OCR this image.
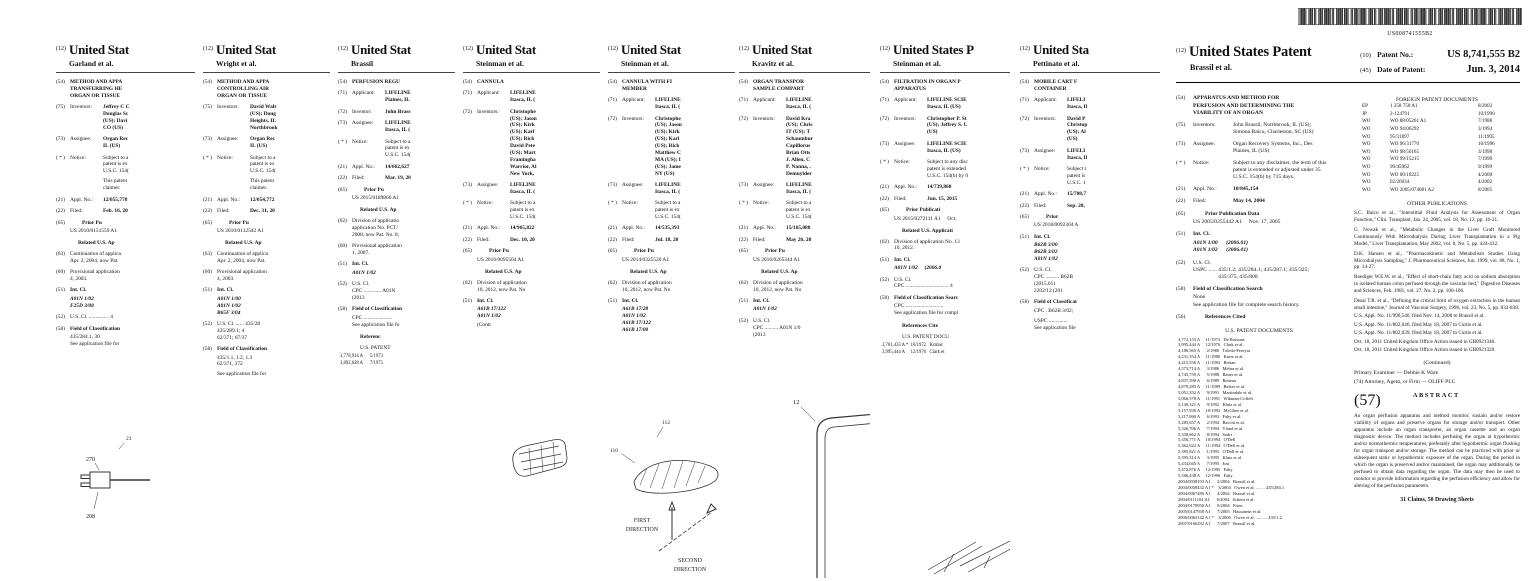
(12) United Stat
Garland et al.
(54) METHOD AND APPA
TRANSFERRING HE
ORGAN OR TISSUE
(75) Inventors:	Jeffrey C C
Douglas Sc
(US); Davi
CO (US)
(73) Assignee:	Organ Rec
IL (US)
( * ) Notice:	Subject to a
patent is ex
U.S.C. 154(
This patent
claimer.
(21) Appl. No.:	12/055,778
(22) Filed:	Feb. 16, 20
(65)	Prior Pu
US 2010/0151559 A1
Related U.S. Ap
(63) Continuation of applica
Apr. 2, 2004, now Pat.
(60) Provisional application
4, 2003.
(51) Int. Cl.
A01N 1/02
F25D 3/08
(52) U.S. Cl. ............... 4
(58) Field of Classification
435/284.1, 30
See application file for
23
270
208
(12) United Stat
Wright et al.
(54) METHOD AND APPA
CONTROLLING AIR
ORGAN OR TISSUE
(75) Inventors:	David Walt
(US); Doug
Heights, IL
Northbrook
(73) Assignee:	Organ Rec
IL (US)
( * ) Notice:	Subject to a
patent is ex
U.S.C. 154(
This patent
claimer.
(21) Appl. No.:	12/054,772
(22) Filed:	Dec. 31, 20
(65)	Prior Pu
US 2010/0112542 A1
Related U.S. Ap
(63) Continuation of applica
Apr. 2, 2004, now Pat.
(60) Provisional application
4, 2003.
(51) Int. Cl.
A01N 1/00
A01N 1/02
B65F 3/04
(52) U.S. Cl. ...... 435/28
435/289.1; 4
62/371; 67/37
(58) Field of Classification
435/1.1, 1.2, 1.3
62/371, 372
See application file for
(12) United Stat
Brassil
(54) PERFUSION REGU
(71) Applicant:	LIFELINE
Plaines, IL
(72) Inventor:	John Brass
(73) Assignee:	LIFELINE
Itasca, IL (
( * ) Notice:	Subject to a
patent is ex
U.S.C. 154(
(21) Appl. No.:	14/662,627
(22) Filed:	Mar. 19, 20
(65)	Prior Pu
US 2015/0189866 A1
Related U.S. Ap
(62) Division of applicatio
application No. PCT/
2008, now Pat. No. 8,
(60) Provisional application
1, 2007.
(51) Int. Cl.
A01N 1/02
(52) U.S. Cl.
CPC ............. A01N
(2013
(58) Field of Classification
CPC .....................
See application file fo
Referenc
U.S. PATENT
3,778,914 A      5/1973
3,892,628 A      7/1975
(12) United Stat
Steinman et al.
(54) CANNULA
(71) Applicant:	LIFELINE
Itasca, IL (
(72) Inventors:	Christophe
(US); Jason
(US); Kirk
(US); Karl
(US); Rick
David Pete
(US); Mart
Framingha
Warrior, Al
New York,
(73) Assignee:	LIFELINE
Itasca, IL (
( * ) Notice:	Subject to a
patent is ex
U.S.C. 154(
(21) Appl. No.:	14/965,822
(22) Filed:	Dec. 10, 20
(65)	Prior Pu
US 2016/0095504 A1
Related U.S. Ap
(62) Division of application
10, 2012, now Pat. No
(51) Int. Cl.
A61B 17/122
A01N 1/02
(Conti
(12) United Stat
Steinman et al.
(54) CANNULA WITH FI
MEMBER
(71) Applicant:	LIFELINE
Itasca, IL (
(72) Inventors:	Christophe
(US); Jason
(US); Kirk
(US); Karl
(US); Rick
Matthew C
MA (US); I
(US); Jame
NY (US)
(73) Assignee:	LIFELINE
Itasca, IL (
( * ) Notice:	Subject to a
patent is ex
U.S.C. 154(
(21) Appl. No.:	14/535,393
(22) Filed:	Jul. 18, 20
(65)	Prior Pu
US 2014/0325520 A1
Related U.S. Ap
(62) Division of application
10, 2012, now Pat. No
(51) Int. Cl.
A61B 17/28
A01N 1/02
A61B 17/122
A61B 17/00
112
110
FIRST
DIRECTION
SECOND
DIRECTION
(12) United Stat
Kravitz et al.
(54) ORGAN TRANSPOR
SAMPLE COMPART
(71) Applicant:	LIFELINE
Itasca, IL (
(72) Inventors:	David Kra
(US); Chris
IT (US); T
Schaumbur
Capillorus
Brian Otts
J. Allen, C
P. Nanna, .
Demuylder
(73) Assignee:	LIFELINE
Itasca, IL (
( * ) Notice:	Subject to a
patent is ex
U.S.C. 154(
(21) Appl. No.:	15/165,088
(22) Filed:	May 26, 20
(65)	Prior Pu
US 2016/0265344 A1
Related U.S. Ap
(62) Division of application
10, 2012, now Pat. No
(51) Int. Cl.
A01N 1/02
(52) U.S. Cl.
CPC .......... A01N 1/0
(2013
12
(12) United States P
Steinman et al.
(54) FILTRATION IN ORGAN P
APPARATUS
(71) Applicant:	LIFELINE SCIE
Itasca, IL (US)
(72) Inventors:	Christopher P. St
(US); Jeffrey S. L
(US)
(73) Assignee:	LIFELINE SCIE
Itasca, IL (US)
( * ) Notice:	Subject to any disc
patent is extended
U.S.C. 154(b) by 0
(21) Appl. No.:	14/739,860
(22) Filed:	Jun. 15, 2015
(65)	Prior Publicati
US 2015/0272111 A1     Oct.
Related U.S. Applicati
(62) Division of application No. 13
10, 2012.
(51) Int. Cl.
A01N 1/02     (2006.0
(52) U.S. Cl.
CPC ................................ 4
(58) Field of Classification Searc
CPC ............................
See application file for compl
References Cite
U.S. PATENT DOCU
3,701,433 A *  10/1972   Krabac
3,995,444 A     12/1976   Clark et
(12) United Sta
Pettinato et al.
(54) MOBILE CART F
CONTAINER
(71) Applicant:	LIFELI
Itasca, Il
(72) Inventors:	David P
Christop
(US); Al
(US)
(73) Assignee:	LIFELI
Itasca, Il
( * ) Notice:	Subject t
patent is
U.S.C. 1
(21) Appl. No.:	15/708,7
(22) Filed:	Sep. 20,
(65)	Prior
US 2018/0092304 A
(51) Int. Cl.
B62B 3/00
B62B 3/02
A01N 1/02
(52) U.S. Cl.
CPC .......... B62B
(2015.01)
2202/12 (201
(58) Field of Classificat
CPC . B62B 3/02;
USPC ..............
See application file
US008741555B2
(12) United States Patent
Brassil et al.
(10) Patent No.:	US 8,741,555 B2
(45) Date of Patent:	Jun. 3, 2014
(54)	APPARATUS AND METHOD FOR
PERFUSION AND DETERMINING THE
VIABILITY OF AN ORGAN
(75)	Inventors:	John Brassil, Northbrook, IL (US);
Simona Baicu, Charleston, SC (US)
(73)	Assignee:	Organ Recovery Systems, Inc., Des
Plaines, IL (US)
( * )	Notice:	Subject to any disclaimer, the term of this
patent is extended or adjusted under 35
U.S.C. 154(b) by 715 days.
(21)	Appl. No.:	10/845,154
(22)	Filed:	May 14, 2004
(65)	Prior Publication Data
US 2005/0255442 A1     Nov. 17, 2005
(51)	Int. Cl.
A01N 1/00      (2006.01)
A01N 1/02      (2006.01)
(52)	U.S. Cl.
USPC ...... 435/1.2; 435/284.1; 435/287.1; 435/325;
435/375, 435/808
(58)	Field of Classification Search
None
See application file for complete search history.
(56)	References Cited
U.S. PATENT DOCUMENTS
3,772,153 A     11/1973   De Roissart
3,995,444 A     12/1976   Clark et al.
4,186,565 A      2/1980   Toledo-Pereyra
4,231,354 A     11/1980   Kurtz et al.
4,415,556 A     11/1983   Bretan
4,573,714 A      3/1986   Mehra et al.
4,745,759 A      5/1988   Bauer et al.
4,837,390 A      6/1989   Reneau
4,879,283 A     11/1989   Belzer et al.
5,051,352 A      9/1991   Martindale et al.
5,066,578 A     11/1991   Wikman-Coffelt
5,149,321 A      9/1992   Klatz et al.
5,157,930 A     10/1992   McGhee et al.
5,217,860 A      6/1993   Fahy et al.
5,285,657 A      2/1994   Bacchi et al.
5,326,706 A      7/1994   Yland et al.
5,338,662 A      8/1994   Sadri
5,356,771 A     10/1994   O'Dell
5,362,622 A     11/1994   O'Dell et al.
5,385,821 A      1/1995   O'Dell et al.
5,395,314 A      3/1995   Klatz et al.
5,434,045 A      7/1995   Jost
5,472,876 A     12/1995   Fahy
5,586,438 A     12/1996   Fahy
2004/0038193 A1      2/2004   Brassil et al.
2004/0058432 A1 *    3/2004   Owen et al. ........ 435/284.1
2004/0067480 A1      4/2004   Brassil et al.
2004/0111104 A1      6/2004   Schein et al.
2004/0170950 A1      9/2004   Prien
2005/0147958 A1      7/2005   Hassanein et al.
2006/0063142 A1 *    3/2006   Owen et al. .......... 435/1.2
2007/0166292 A1      7/2007   Brassil et al.
FOREIGN PATENT DOCUMENTS
EP	1 258 758 A1	8/2002
JP	2-124791	10/1990
WO	WO 88/05261 A1	7/1988
WO	WO 94/06292	3/1994
WO	95/31897	11/1995
WO	WO 96/31770	10/1996
WO	WO 98/50165	3/1998
WO	WO 99/15215	7/1999
WO	99/45962	9/1999
WO	WO 00/18225	4/2000
WO	02/26034	4/2002
WO	WO 2005/074681 A2	8/2005
OTHER PUBLICATIONS
S.C. Baicu et al., "Interstitial Fluid Analysis for Assessment of Organ Function," Clin. Transplant, Jan. 24, 2005, vol. 18, No. 12, pp. 16-21.
G. Nowak et al., "Metabolic Changes in the Liver Graft Monitored Continuously With Microdialysis During Liver Transplantation in a Pig Model," Liver Transplantation, May 2002, vol. 8, No. 5, pp. 424-432.
D.K. Hansen et al., "Pharmacokinetic and Metabolism Studies Using Microdialysis Sampling," J. Pharmaceutical Sciences, Jun. 1999, vol. 88, No. 1, pp. 14-27.
Roediger W.E.W. et al., "Effect of short-chain fatty acid on sodium absorption in isolated human colon perfused through the vascular bed," Digestive Diseases and Sciences, Feb. 1981, vol. 27, No. 2, pp. 100-106.
Desai T.R. et al., "Defining the critical limit of oxygen extraction in the human small intestine," Journal of Vascular Surgery, 1996, vol. 23, No. 5, pp. 832-838.
U.S. Appl. No. 11/990,540, filed Nov. 14, 2008 to Brassil et al.
U.S. Appl. No. 11/802,046, filed May 18, 2007 to Curtis et al.
U.S. Appl. No. 11/802,039, filed May 18, 2007 to Curtis et al.
Oct. 18, 2011 United Kingdom Office Action issued in GB0921340.
Oct. 18, 2011 United Kingdom Office Action issued in GB0921320.
(Continued)
Primary Examiner — Debbie K Ware
(74) Attorney, Agent, or Firm — OLIFF PLC
(57)	ABSTRACT
An organ perfusion apparatus and method monitor, sustain and/or restore viability of organs and preserve organs for storage and/or transport. Other apparatus include an organ transporter, an organ cassette and an organ diagnostic device. The method includes perfusing the organ at hypothermic and/or normothermic temperatures, preferably after hypothermic organ flushing for organ transport and/or storage. The method can be practiced with prior or subsequent static or hypothermic exposure of the organ. During the period in which the organ is preserved and/or maintained, the organ may additionally be perfused to obtain data regarding the organ. The data may then be used to monitor or provide information regarding the perfusion efficiency and allow for altering of the perfusion parameters.
31 Claims, 50 Drawing Sheets
